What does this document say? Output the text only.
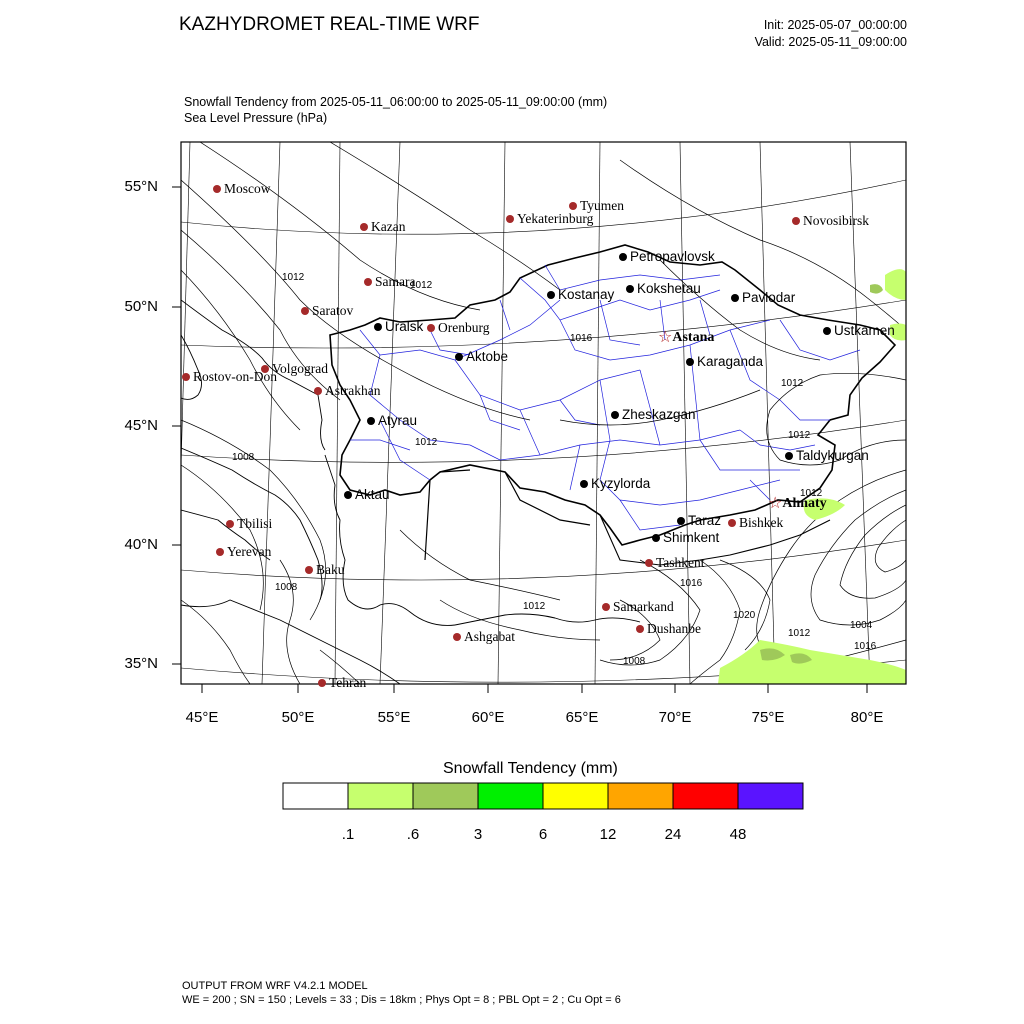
KAZHYDROMET REAL-TIME WRF	Init: 2025-05-07_00:00:00
Valid: 2025-05-11_09:00:00
Snowfall Tendency from 2025-05-11_06:00:00 to 2025-05-11_09:00:00 (mm)
Sea Level Pressure (hPa)
55°N
50°N
45°N
40°N
35°N
45°E	50°E	55°E	60°E	65°E	70°E	75°E	80°E
Moscow
Kazan
Tyumen
Yekaterinburg	Novosibirsk
Samara
Saratov
Orenburg
Volgograd
Rostov-on-Don
Astrakhan
Tbilisi
Yerevan
Baku
Tehran
Ashgabat
Samarkand
Dushanbe
Tashkent
Bishkek
Petropavlovsk
Kostanay	Kokshetau
Pavlodar
Ustkamen
Uralsk
Aktobe	Karaganda
Atyrau	Zheskazgan
Taldykurgan
Aktau
Kyzylorda
Taraz
Shimkent
☆Astana
☆Almaty
1012
1012
1016
1012
1008
1012
1012
1012
1016
1008
1012
1020
1012
1004
1016
1008
Snowfall Tendency (mm)
.1	.6	3	6	12	24	48
OUTPUT FROM WRF V4.2.1 MODEL
WE = 200 ; SN = 150 ; Levels = 33 ; Dis = 18km ; Phys Opt = 8 ; PBL Opt = 2 ; Cu Opt = 6
